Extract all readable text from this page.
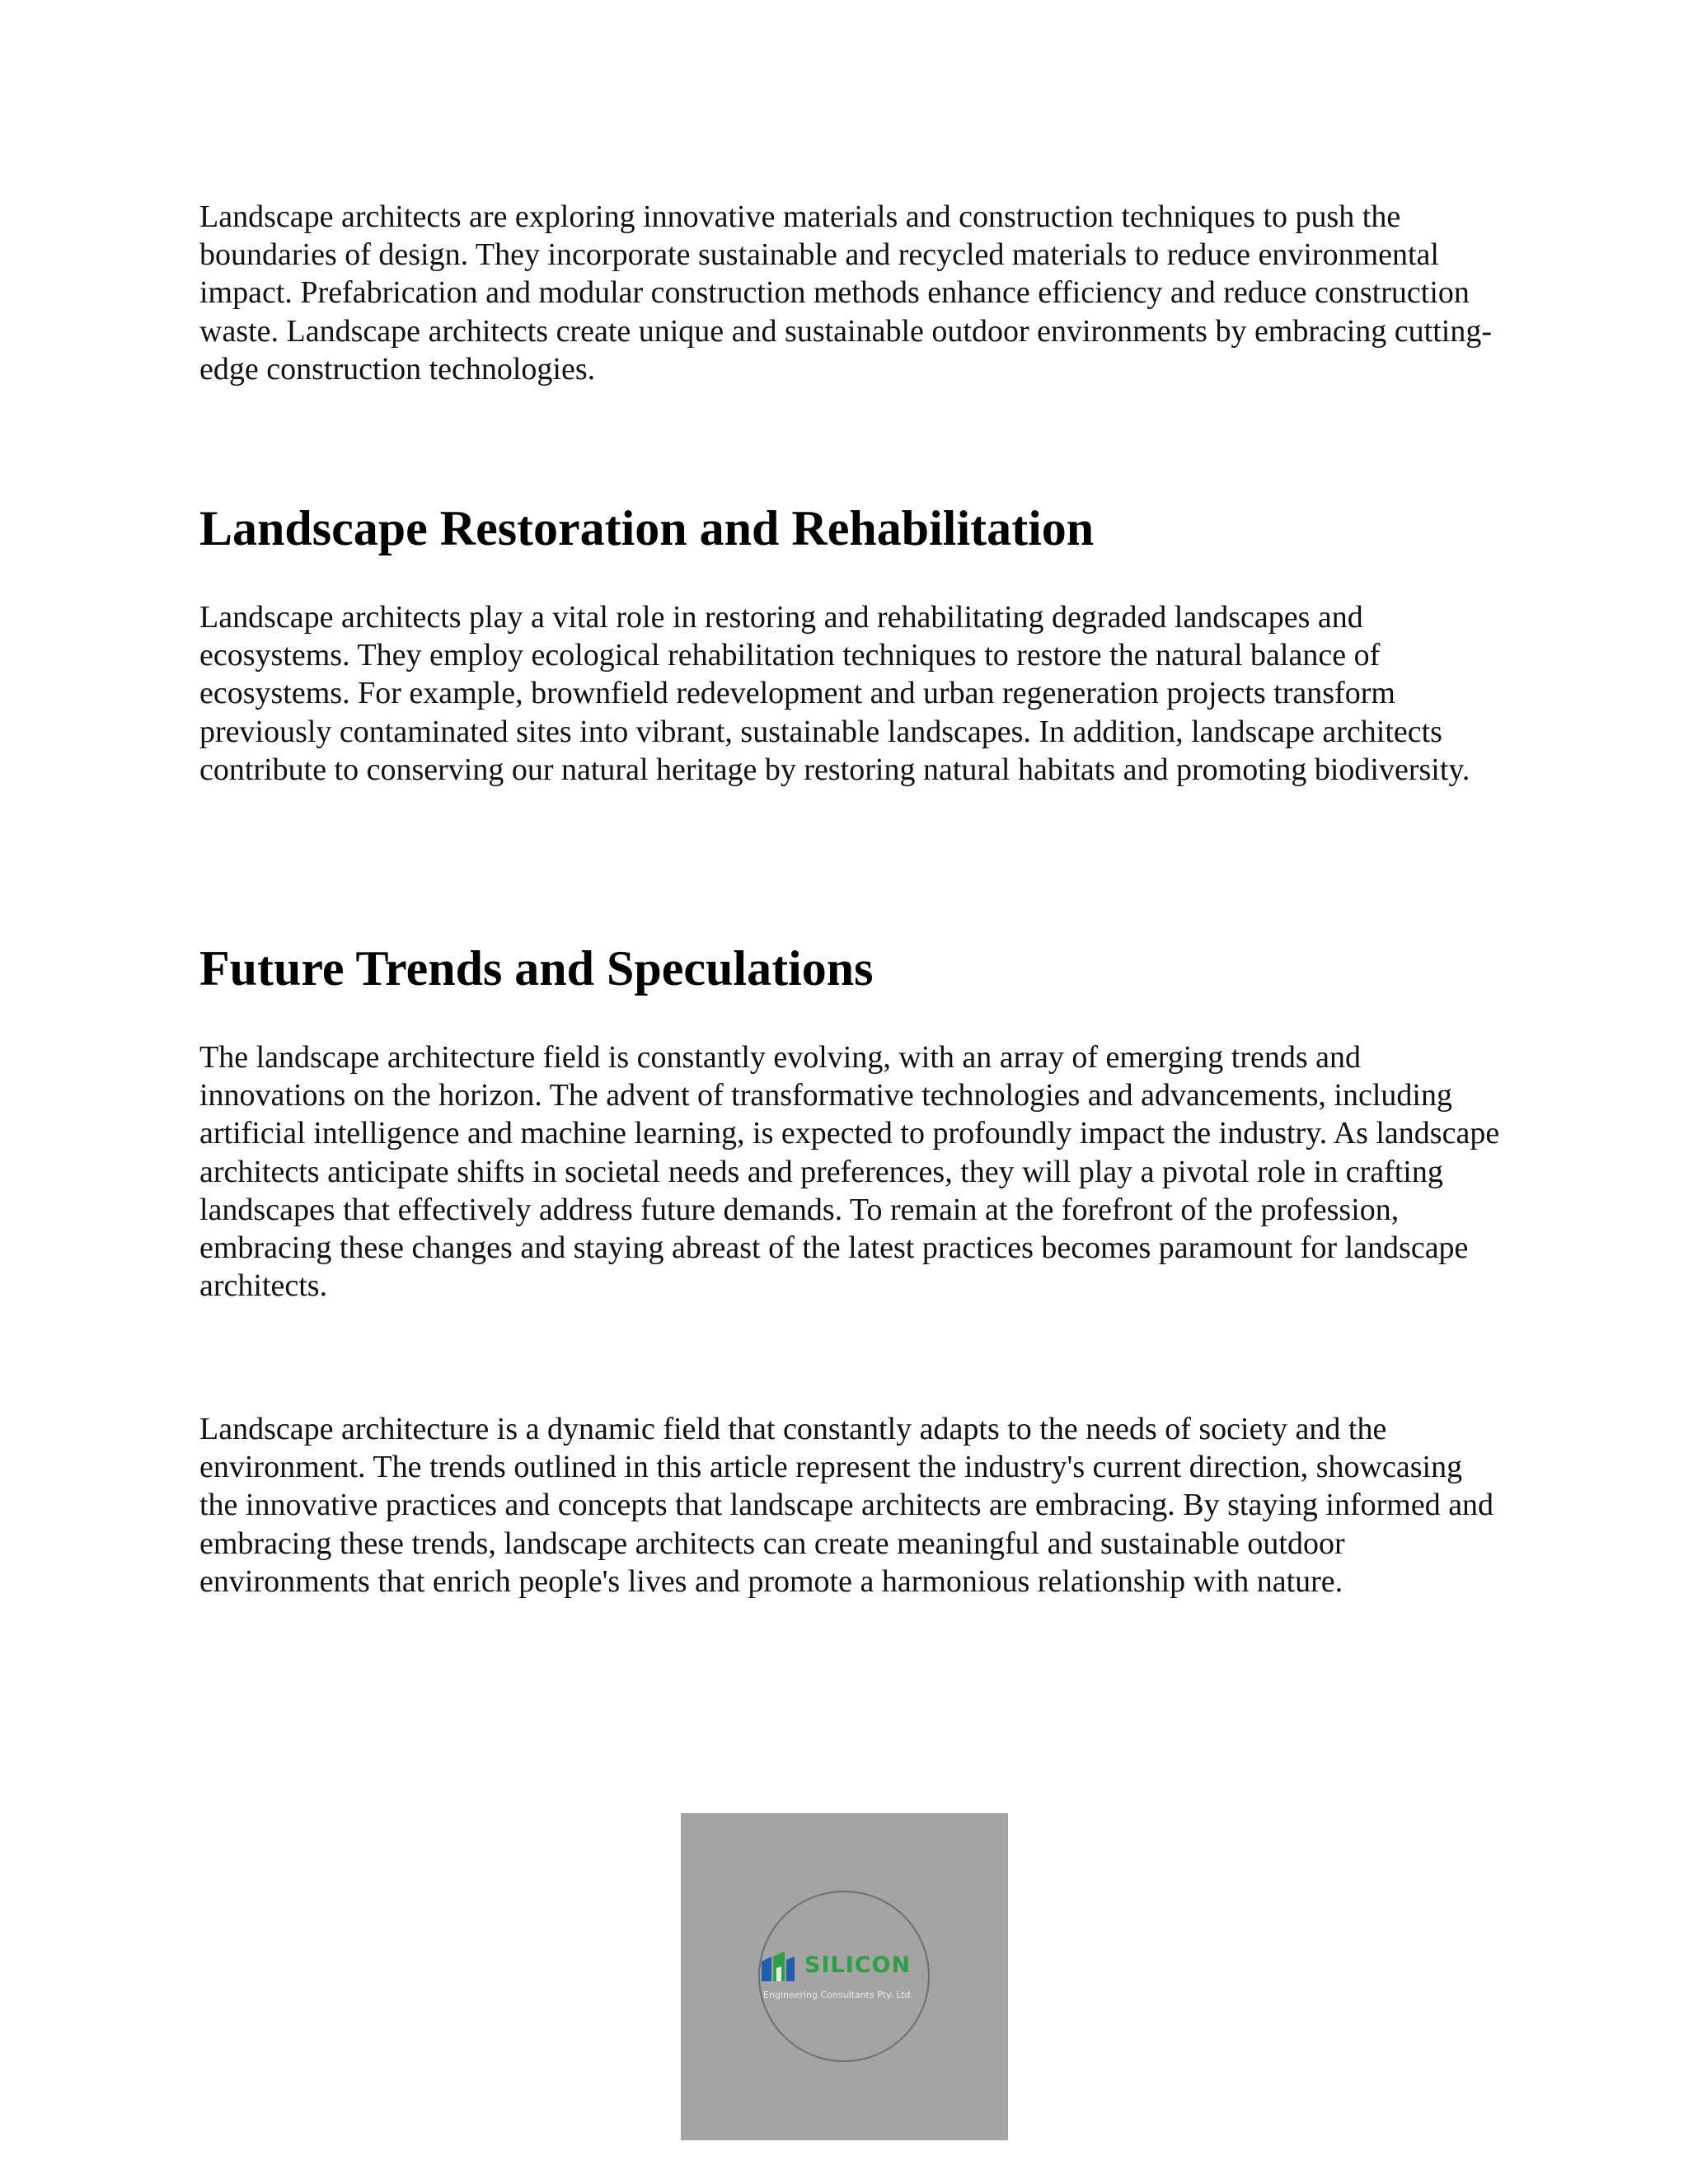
Landscape architects are exploring innovative materials and construction techniques to push the boundaries of design. They incorporate sustainable and recycled materials to reduce environmental impact. Prefabrication and modular construction methods enhance efficiency and reduce construction waste. Landscape architects create unique and sustainable outdoor environments by embracing cutting-edge construction technologies.

Landscape Restoration and Rehabilitation

Landscape architects play a vital role in restoring and rehabilitating degraded landscapes and ecosystems. They employ ecological rehabilitation techniques to restore the natural balance of ecosystems. For example, brownfield redevelopment and urban regeneration projects transform previously contaminated sites into vibrant, sustainable landscapes. In addition, landscape architects contribute to conserving our natural heritage by restoring natural habitats and promoting biodiversity.

Future Trends and Speculations

The landscape architecture field is constantly evolving, with an array of emerging trends and innovations on the horizon. The advent of transformative technologies and advancements, including artificial intelligence and machine learning, is expected to profoundly impact the industry. As landscape architects anticipate shifts in societal needs and preferences, they will play a pivotal role in crafting landscapes that effectively address future demands. To remain at the forefront of the profession, embracing these changes and staying abreast of the latest practices becomes paramount for landscape architects.

Landscape architecture is a dynamic field that constantly adapts to the needs of society and the environment. The trends outlined in this article represent the industry's current direction, showcasing the innovative practices and concepts that landscape architects are embracing. By staying informed and embracing these trends, landscape architects can create meaningful and sustainable outdoor environments that enrich people's lives and promote a harmonious relationship with nature.

SILICON
Engineering Consultants Pty. Ltd.
